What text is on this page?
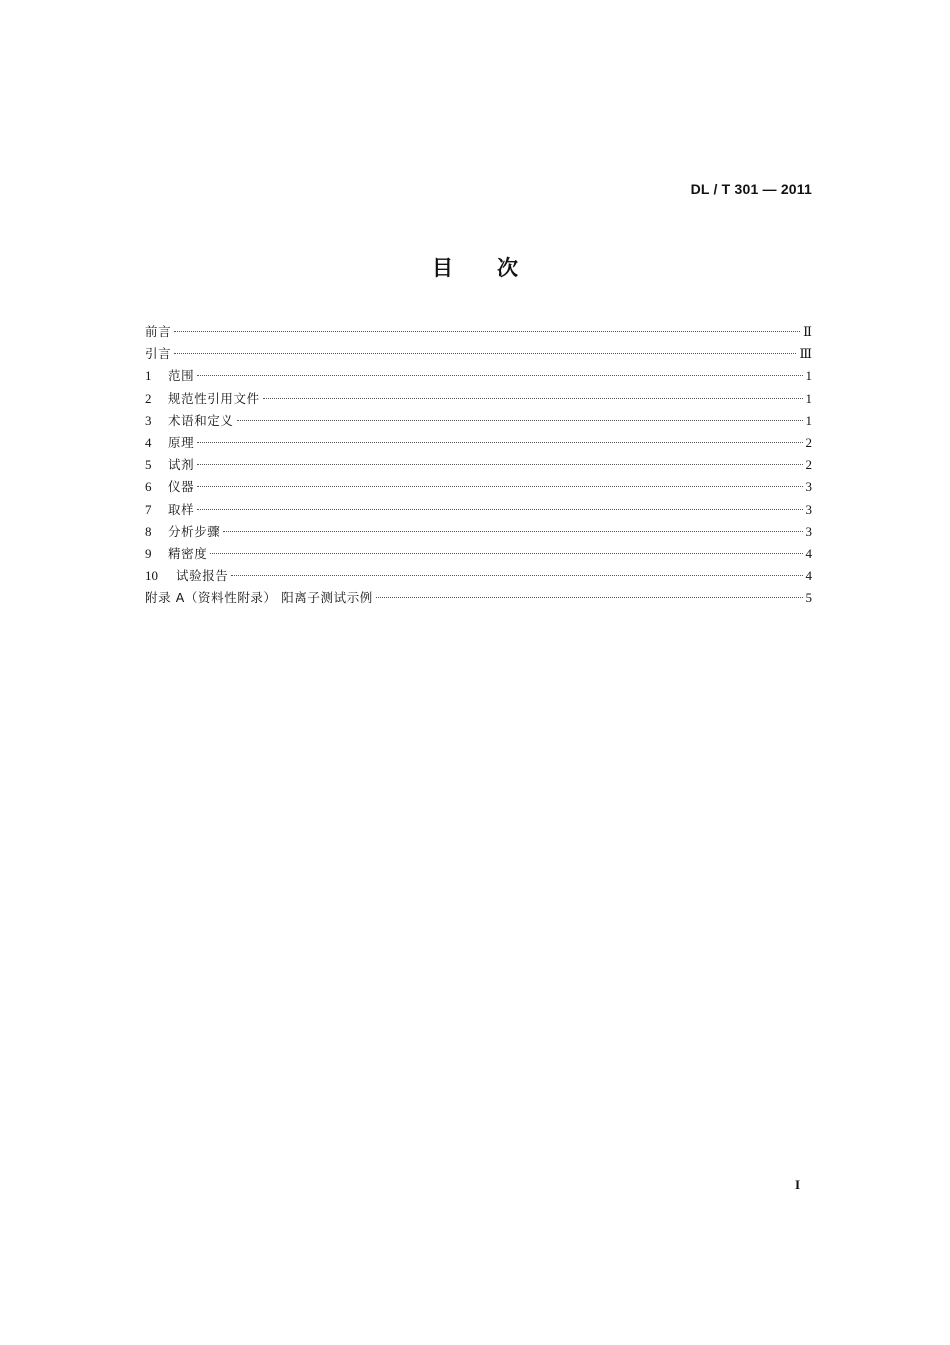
DL / T 301 — 2011
目 次
前言	Ⅱ
引言	Ⅲ
1	范围	1
2	规范性引用文件	1
3	术语和定义	1
4	原理	2
5	试剂	2
6	仪器	3
7	取样	3
8	分析步骤	3
9	精密度	4
10	试验报告	4
附录 A（资料性附录） 阳离子测试示例	5
I
